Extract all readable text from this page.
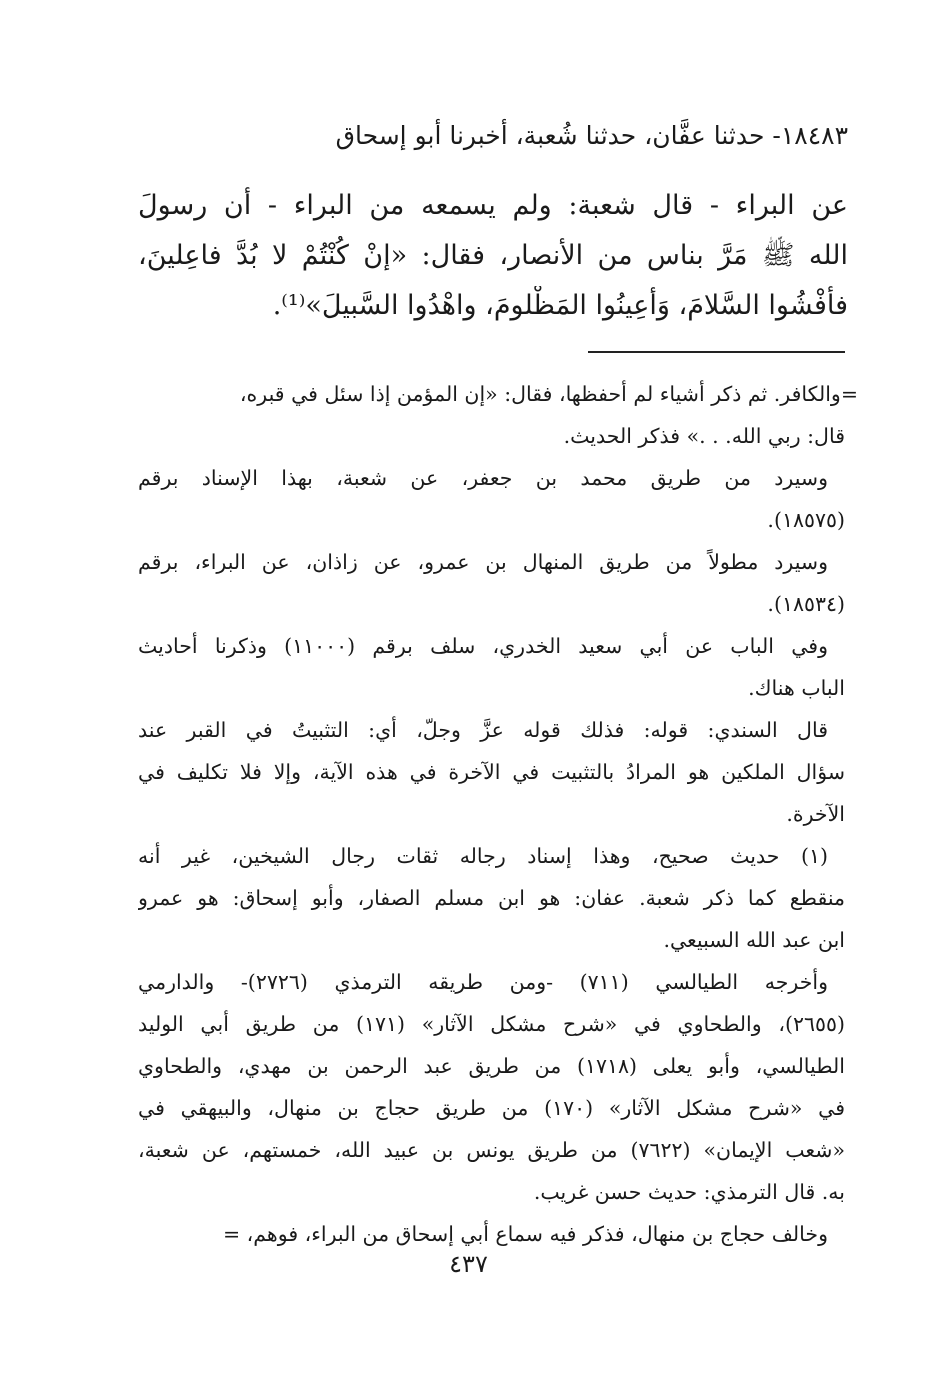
١٨٤٨٣- حدثنا عفَّان، حدثنا شُعبة، أخبرنا أبو إسحاق
عن البراء - قال شعبة: ولم يسمعه من البراء - أن رسولَ
الله ﷺ مَرَّ بناس من الأنصار، فقال: «إنْ كُنْتُمْ لا بُدَّ فاعِلينَ،
فأفْشُوا السَّلامَ، وَأعِينُوا المَظْلومَ، واهْدُوا السَّبيلَ»⁽¹⁾.
=والكافر. ثم ذكر أشياء لم أحفظها، فقال: «إن المؤمن إذا سئل في قبره،
قال: ربي الله. . .» فذكر الحديث.
وسيرد من طريق محمد بن جعفر، عن شعبة، بهذا الإسناد برقم
(١٨٥٧٥).
وسيرد مطولاً من طريق المنهال بن عمرو، عن زاذان، عن البراء، برقم
(١٨٥٣٤).
وفي الباب عن أبي سعيد الخدري، سلف برقم (١١٠٠٠) وذكرنا أحاديث
الباب هناك.
قال السندي: قوله: فذلك قوله عزَّ وجلّ، أي: التثبيتُ في القبر عند
سؤال الملكين هو المرادُ بالتثبيت في الآخرة في هذه الآية، وإلا فلا تكليف في
الآخرة.
(١) حديث صحيح، وهذا إسناد رجاله ثقات رجال الشيخين، غير أنه
منقطع كما ذكر شعبة. عفان: هو ابن مسلم الصفار، وأبو إسحاق: هو عمرو
ابن عبد الله السبيعي.
وأخرجه الطيالسي (٧١١) -ومن طريقه الترمذي (٢٧٢٦)- والدارمي
(٢٦٥٥)، والطحاوي في «شرح مشكل الآثار» (١٧١) من طريق أبي الوليد
الطيالسي، وأبو يعلى (١٧١٨) من طريق عبد الرحمن بن مهدي، والطحاوي
في «شرح مشكل الآثار» (١٧٠) من طريق حجاج بن منهال، والبيهقي في
«شعب الإيمان» (٧٦٢٢) من طريق يونس بن عبيد الله، خمستهم، عن شعبة،
به. قال الترمذي: حديث حسن غريب.
وخالف حجاج بن منهال، فذكر فيه سماع أبي إسحاق من البراء، فوهم، =
٤٣٧
